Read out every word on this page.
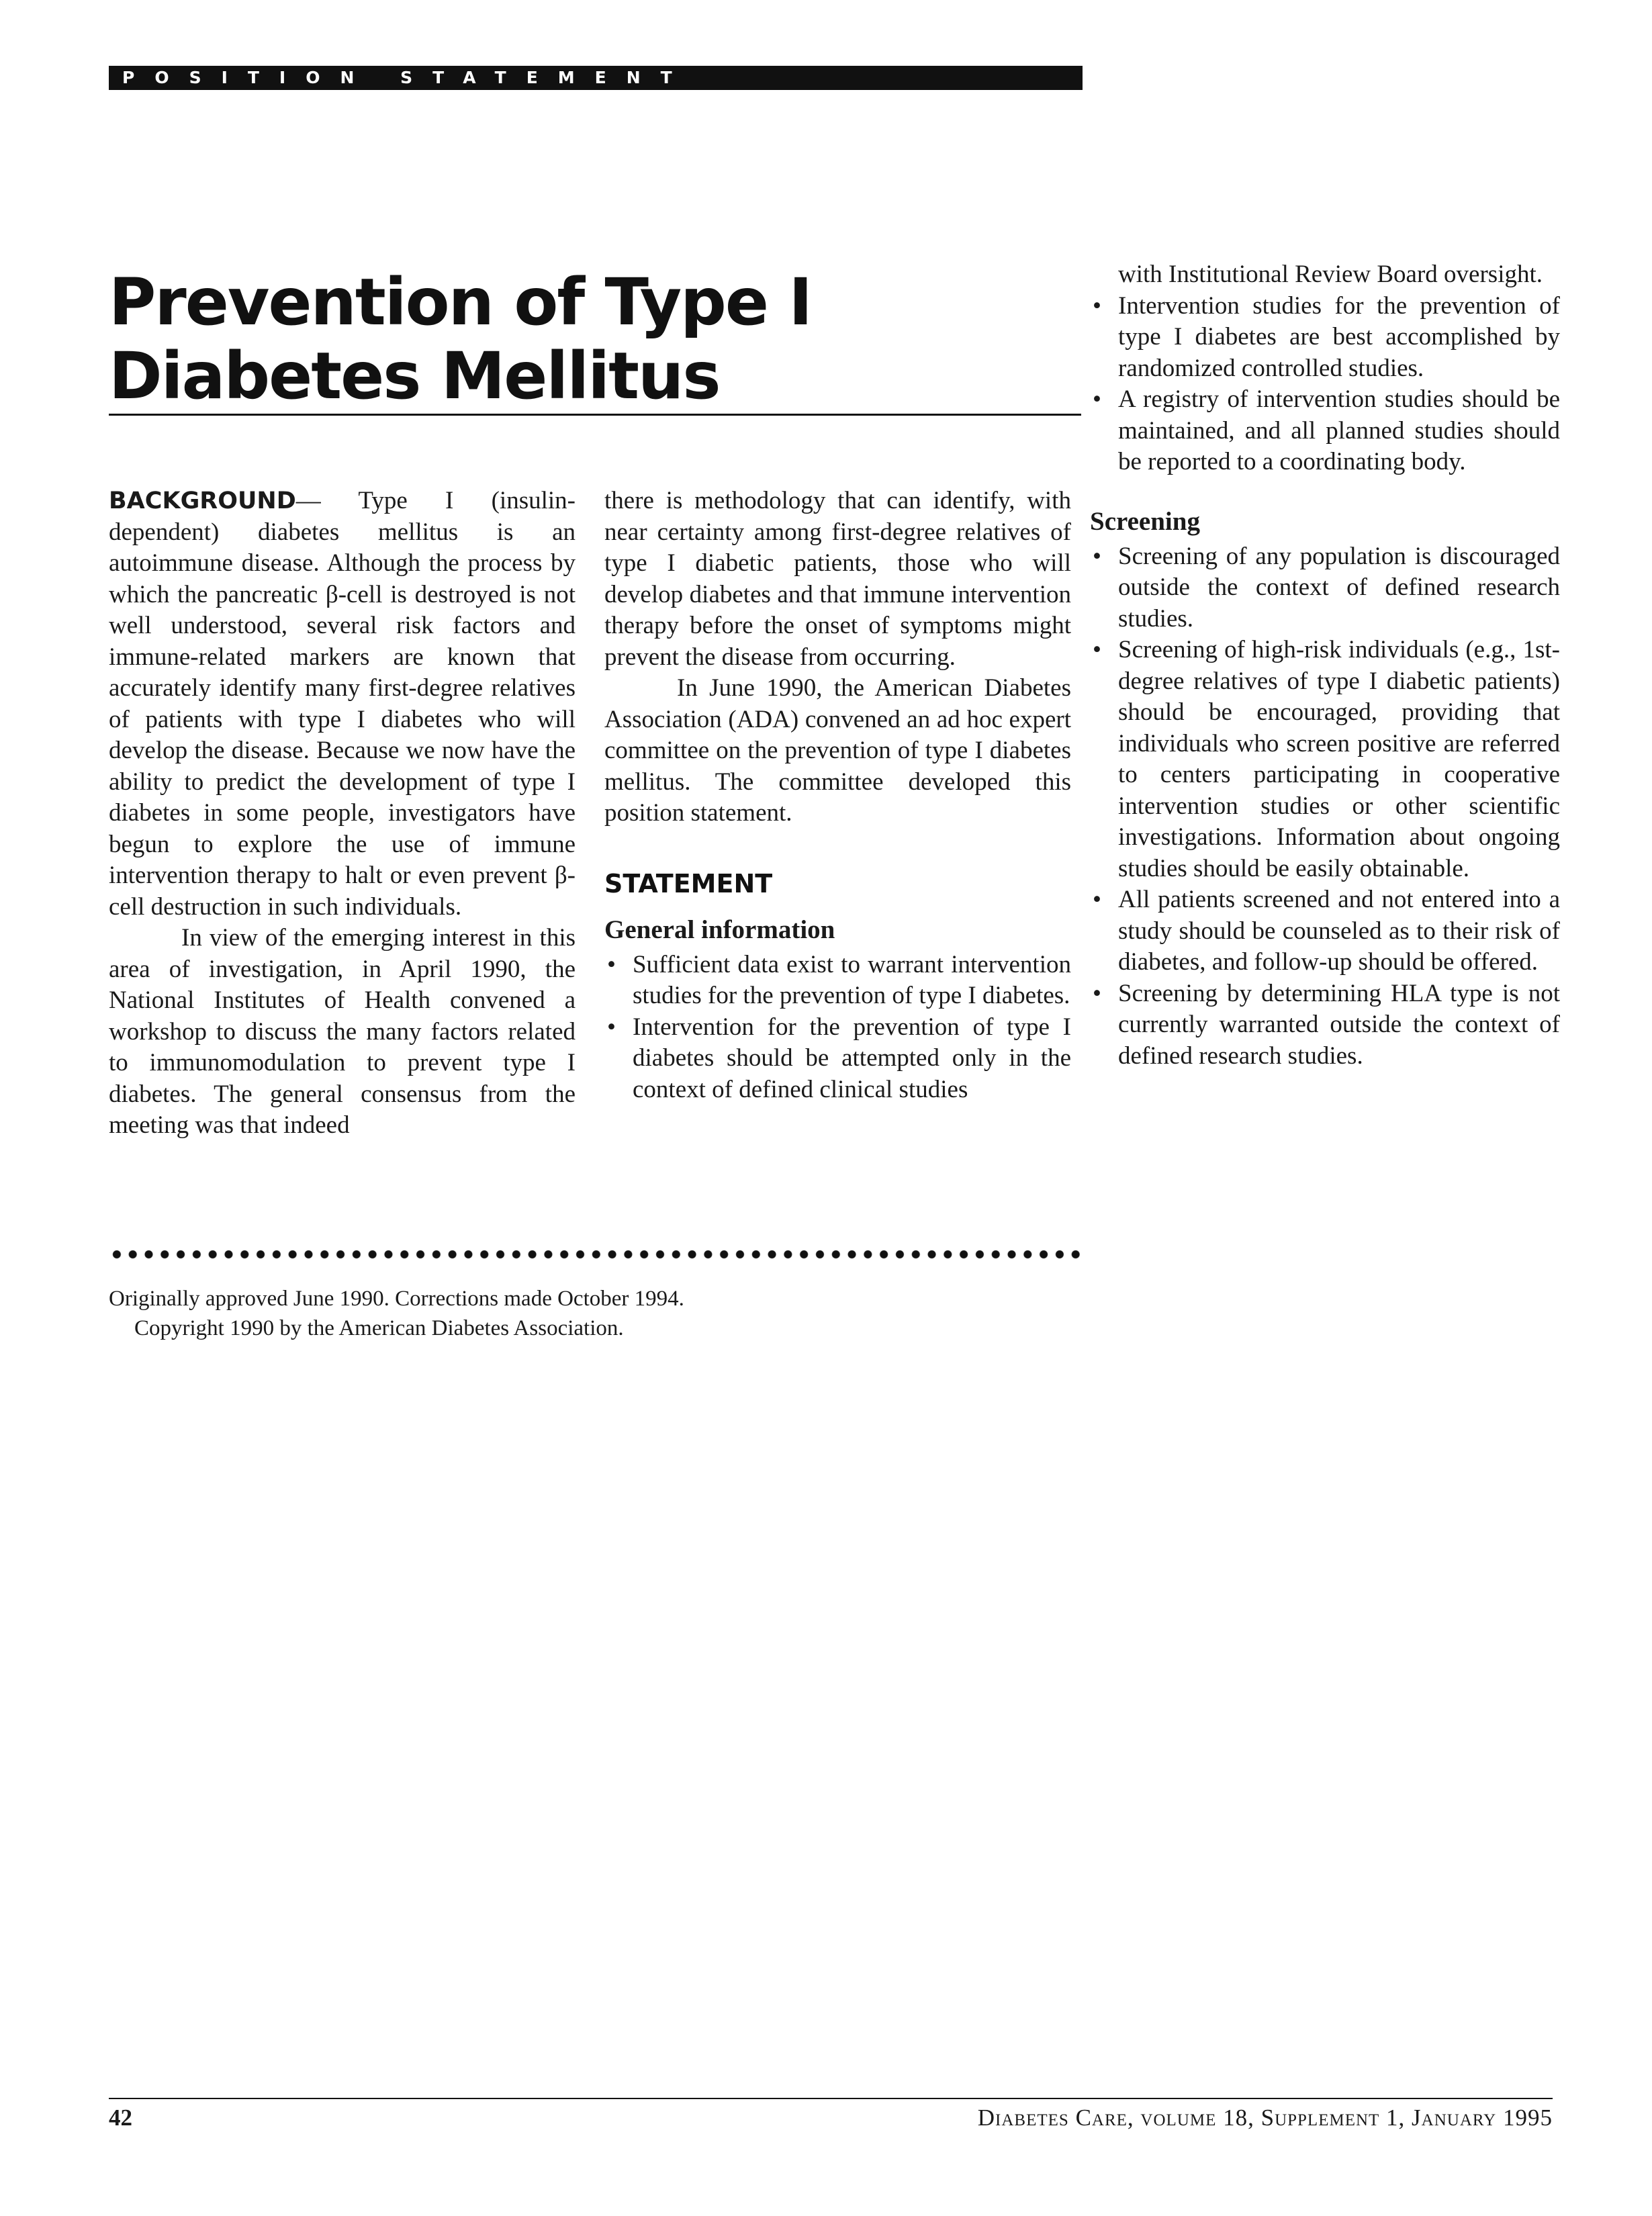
POSITION STATEMENT
Prevention of Type I
Diabetes Mellitus

BACKGROUND— Type I (insulin-dependent) diabetes mellitus is an autoimmune disease. Although the process by which the pancreatic β-cell is destroyed is not well understood, several risk factors and immune-related markers are known that accurately identify many first-degree relatives of patients with type I diabetes who will develop the disease. Because we now have the ability to predict the development of type I diabetes in some people, investigators have begun to explore the use of immune intervention therapy to halt or even prevent β-cell destruction in such individuals.

In view of the emerging interest in this area of investigation, in April 1990, the National Institutes of Health convened a workshop to discuss the many factors related to immunomodulation to prevent type I diabetes. The general consensus from the meeting was that indeed

there is methodology that can identify, with near certainty among first-degree relatives of type I diabetic patients, those who will develop diabetes and that immune intervention therapy before the onset of symptoms might prevent the disease from occurring.

In June 1990, the American Diabetes Association (ADA) convened an ad hoc expert committee on the prevention of type I diabetes mellitus. The committee developed this position statement.

STATEMENT
General information
• Sufficient data exist to warrant intervention studies for the prevention of type I diabetes.
• Intervention for the prevention of type I diabetes should be attempted only in the context of defined clinical studies
with Institutional Review Board oversight.
• Intervention studies for the prevention of type I diabetes are best accomplished by randomized controlled studies.
• A registry of intervention studies should be maintained, and all planned studies should be reported to a coordinating body.
Screening
• Screening of any population is discouraged outside the context of defined research studies.
• Screening of high-risk individuals (e.g., 1st-degree relatives of type I diabetic patients) should be encouraged, providing that individuals who screen positive are referred to centers participating in cooperative intervention studies or other scientific investigations. Information about ongoing studies should be easily obtainable.
• All patients screened and not entered into a study should be counseled as to their risk of diabetes, and follow-up should be offered.
• Screening by determining HLA type is not currently warranted outside the context of defined research studies.
Originally approved June 1990. Corrections made October 1994.
Copyright 1990 by the American Diabetes Association.
42	Diabetes Care, volume 18, Supplement 1, January 1995
